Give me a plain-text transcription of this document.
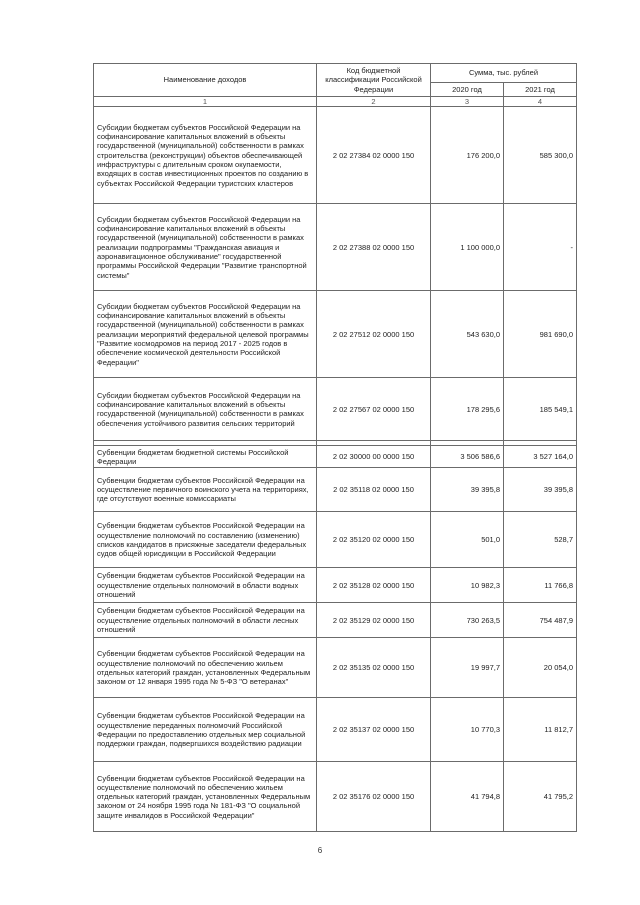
Наименование доходов	Код бюджетной классификации Российской Федерации	Сумма, тыс. рублей	
		2020 год	2021 год
1	2	3	4
Субсидии бюджетам субъектов Российской Федерации на софинансирование капитальных вложений в объекты государственной (муниципальной) собственности в рамках строительства (реконструкции) объектов обеспечивающей инфраструктуры с длительным сроком окупаемости, входящих в состав инвестиционных проектов по созданию в субъектах Российской Федерации туристских кластеров	2 02 27384 02 0000 150	176 200,0	585 300,0
Субсидии бюджетам субъектов Российской Федерации на софинансирование капитальных вложений в объекты государственной (муниципальной) собственности в рамках реализации подпрограммы "Гражданская авиация и аэронавигационное обслуживание" государственной программы Российской Федерации "Развитие транспортной системы"	2 02 27388 02 0000 150	1 100 000,0	-
Субсидии бюджетам субъектов Российской Федерации на софинансирование капитальных вложений в объекты государственной (муниципальной) собственности в рамках реализации мероприятий федеральной целевой программы "Развитие космодромов на период 2017 - 2025 годов в обеспечение космической деятельности Российской Федерации"	2 02 27512 02 0000 150	543 630,0	981 690,0
Субсидии бюджетам субъектов Российской Федерации на софинансирование капитальных вложений в объекты государственной (муниципальной) собственности в рамках обеспечения устойчивого развития сельских территорий	2 02 27567 02 0000 150	178 295,6	185 549,1

Субвенции бюджетам бюджетной системы Российской Федерации	2 02 30000 00 0000 150	3 506 586,6	3 527 164,0
Субвенции бюджетам субъектов Российской Федерации на осуществление первичного воинского учета на территориях, где отсутствуют военные комиссариаты	2 02 35118 02 0000 150	39 395,8	39 395,8
Субвенции бюджетам субъектов Российской Федерации на осуществление полномочий по составлению (изменению) списков кандидатов в присяжные заседатели федеральных судов общей юрисдикции в Российской Федерации	2 02 35120 02 0000 150	501,0	528,7
Субвенции бюджетам субъектов Российской Федерации на осуществление отдельных полномочий в области водных отношений	2 02 35128 02 0000 150	10 982,3	11 766,8
Субвенции бюджетам субъектов Российской Федерации на осуществление отдельных полномочий в области лесных отношений	2 02 35129 02 0000 150	730 263,5	754 487,9
Субвенции бюджетам субъектов Российской Федерации на осуществление полномочий по обеспечению жильем отдельных категорий граждан, установленных Федеральным законом от 12 января 1995 года № 5-ФЗ "О ветеранах"	2 02 35135 02 0000 150	19 997,7	20 054,0
Субвенции бюджетам субъектов Российской Федерации на осуществление переданных полномочий Российской Федерации по предоставлению отдельных мер социальной поддержки граждан, подвергшихся воздействию радиации	2 02 35137 02 0000 150	10 770,3	11 812,7
Субвенции бюджетам субъектов Российской Федерации на осуществление полномочий по обеспечению жильем отдельных категорий граждан, установленных Федеральным законом от 24 ноября 1995 года № 181-ФЗ "О социальной защите инвалидов в Российской Федерации"	2 02 35176 02 0000 150	41 794,8	41 795,2
6
